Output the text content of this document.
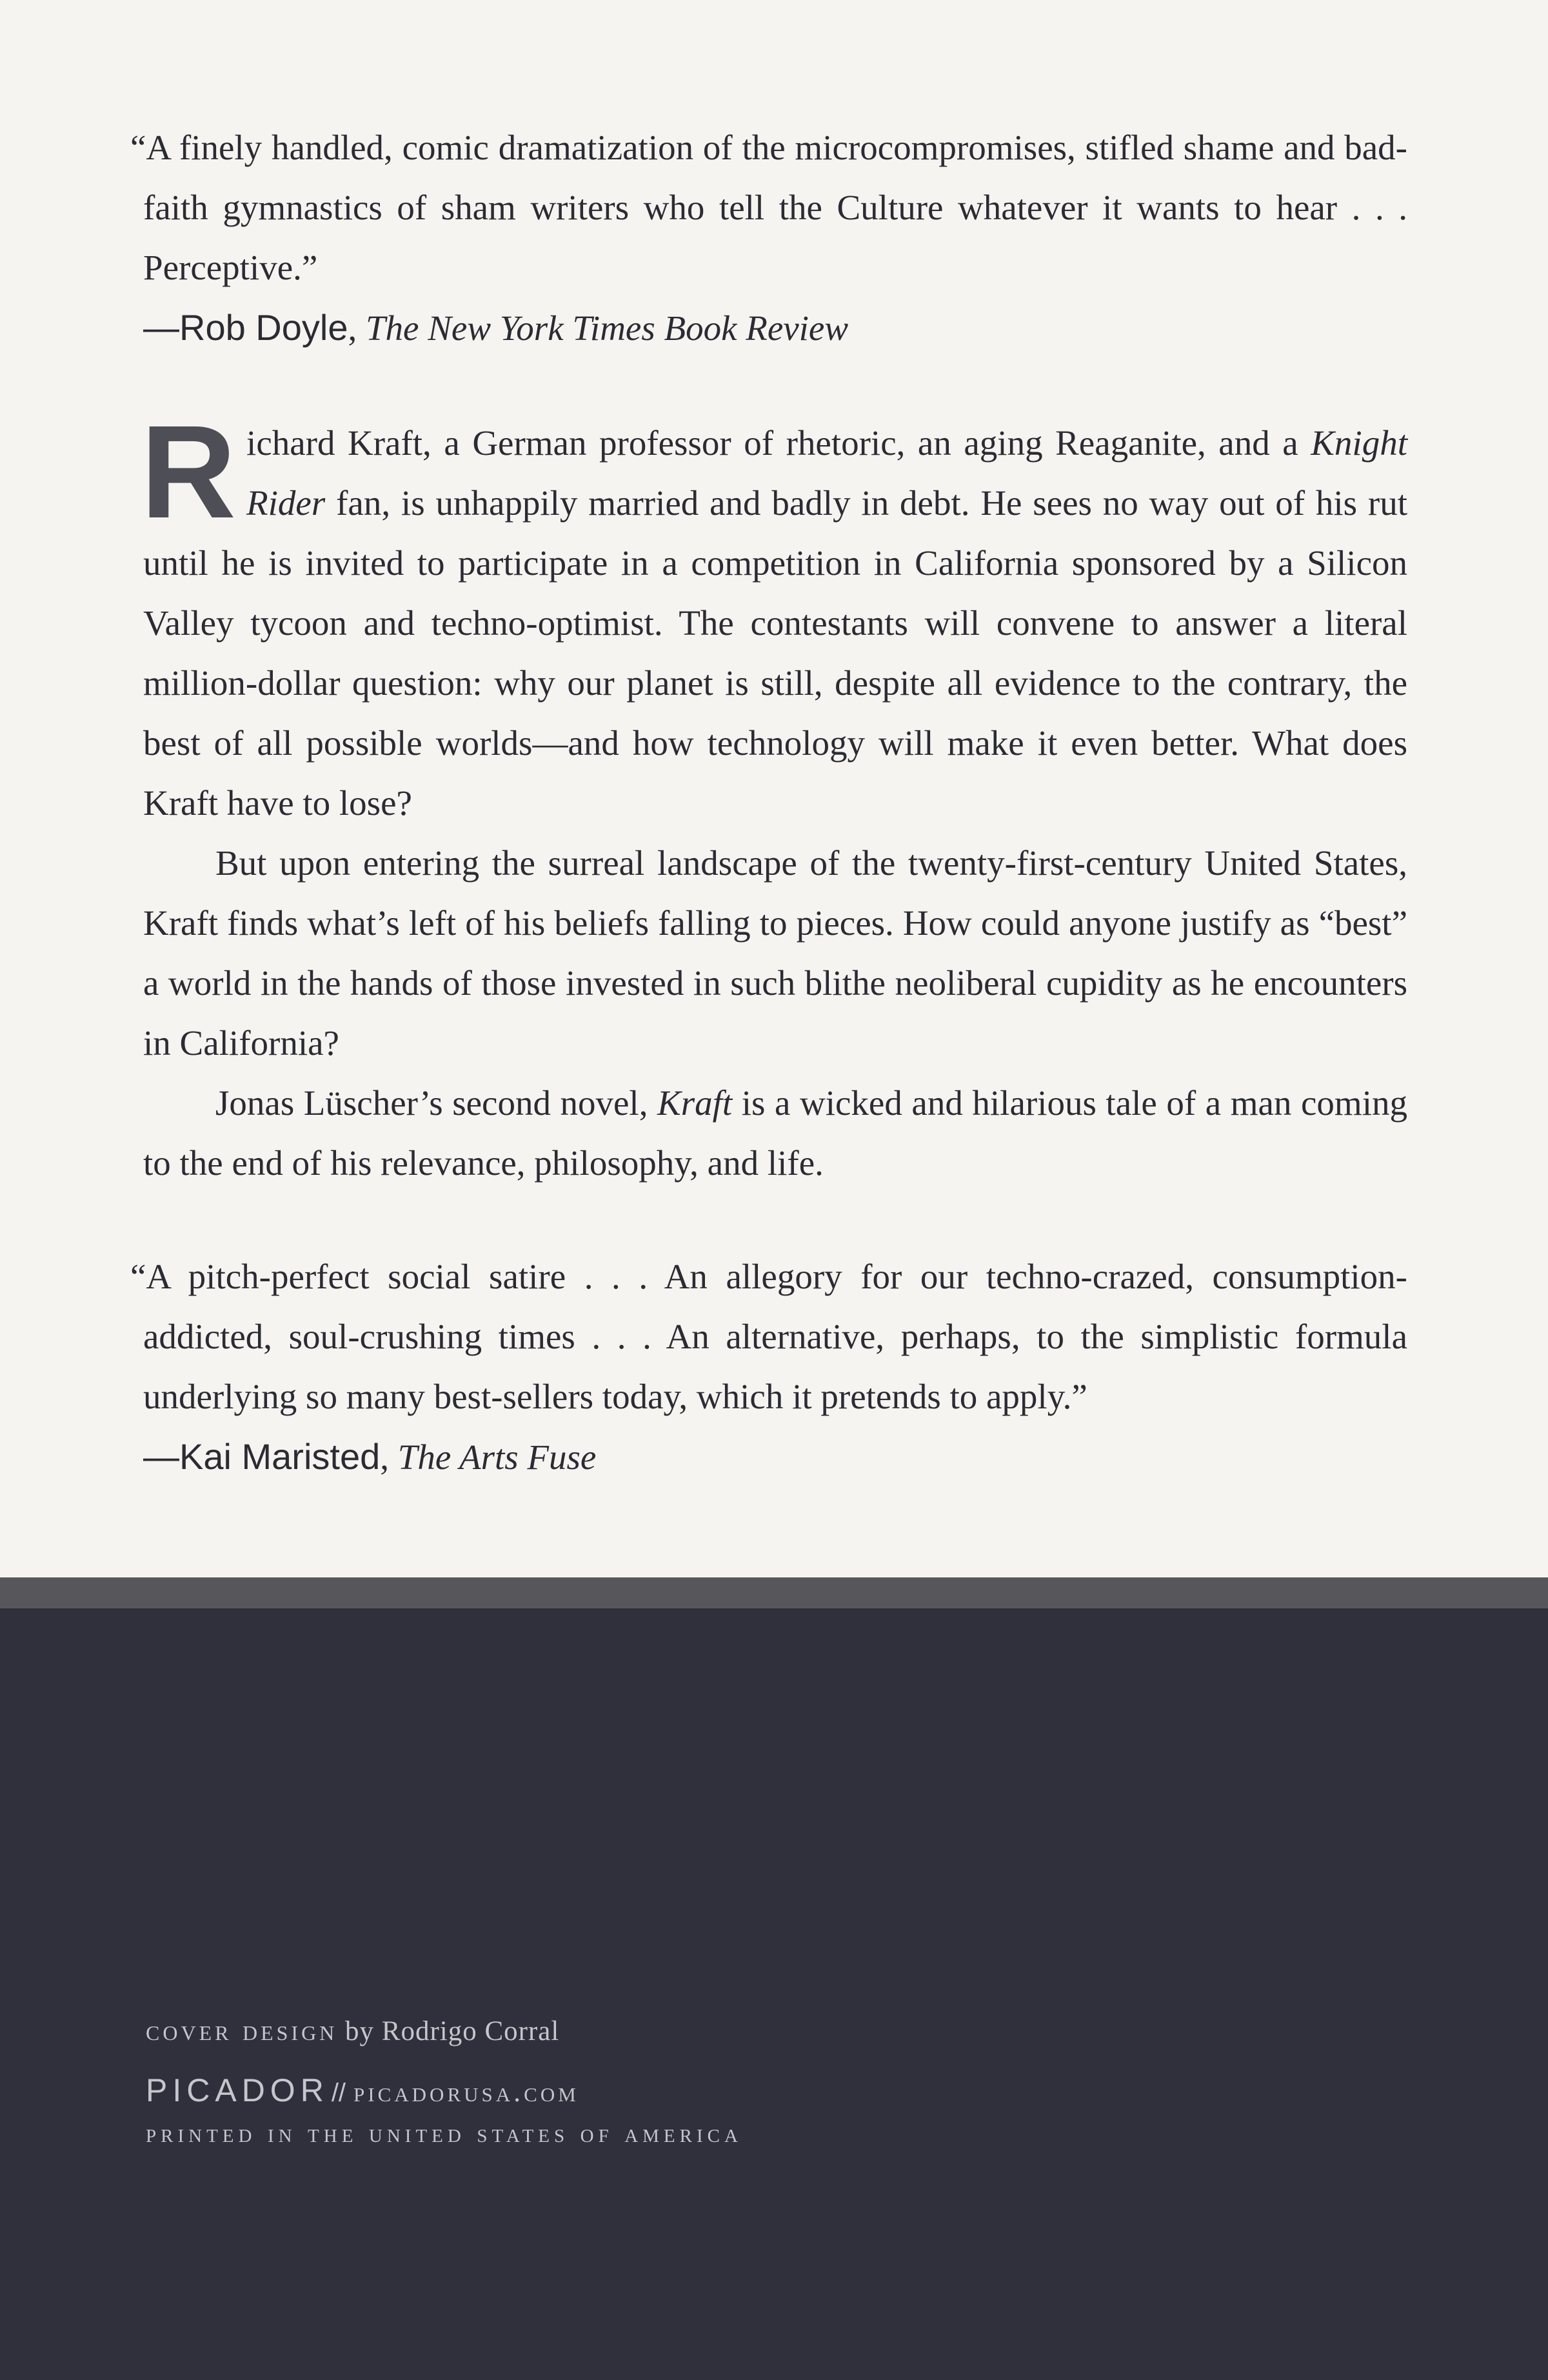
“A finely handled, comic dramatization of the microcompromises, stifled shame and bad-faith gymnastics of sham writers who tell the Culture whatever it wants to hear . . . Perceptive.”

—Rob Doyle, The New York Times Book Review

Richard Kraft, a German professor of rhetoric, an aging Reaganite, and a Knight Rider fan, is unhappily married and badly in debt. He sees no way out of his rut until he is invited to participate in a competition in California sponsored by a Silicon Valley tycoon and techno-optimist. The contestants will convene to answer a literal million-dollar question: why our planet is still, despite all evidence to the contrary, the best of all possible worlds—and how technology will make it even better. What does Kraft have to lose?

But upon entering the surreal landscape of the twenty-first-century United States, Kraft finds what’s left of his beliefs falling to pieces. How could anyone justify as “best” a world in the hands of those invested in such blithe neoliberal cupidity as he encounters in California?

Jonas Lüscher’s second novel, Kraft is a wicked and hilarious tale of a man coming to the end of his relevance, philosophy, and life.

“A pitch-perfect social satire . . . An allegory for our techno-crazed, consumption-addicted, soul-crushing times . . . An alternative, perhaps, to the simplistic formula underlying so many best-sellers today, which it pretends to apply.”

—Kai Maristed, The Arts Fuse

cover design by Rodrigo Corral

PICADOR // picadorusa.com
printed in the united states of america
